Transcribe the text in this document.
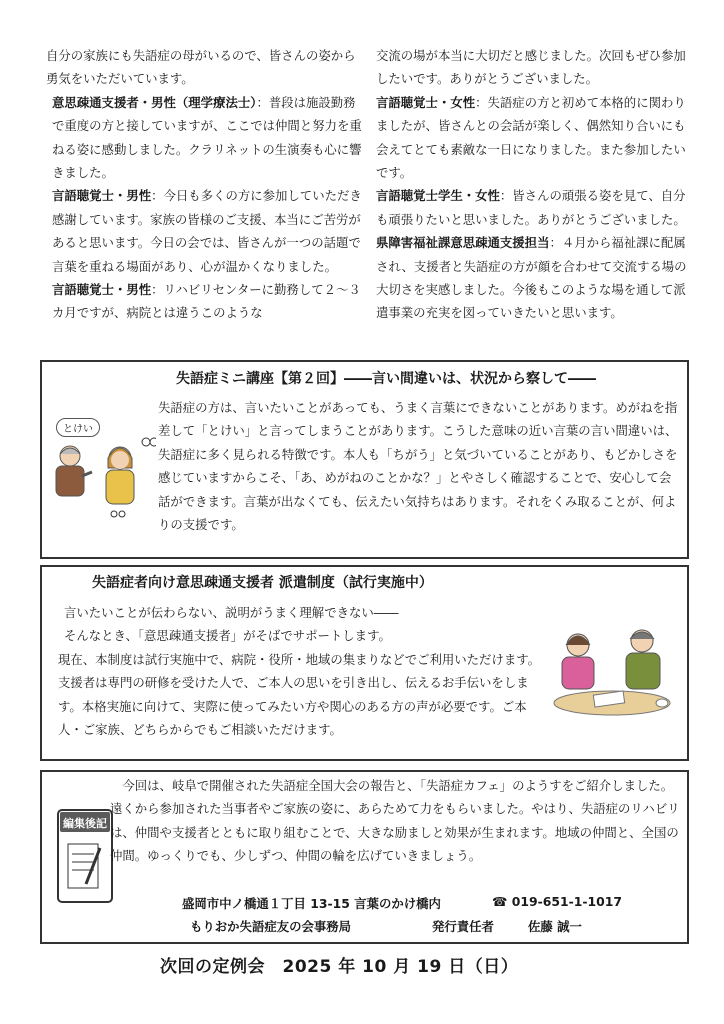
自分の家族にも失語症の母がいるので、皆さんの姿から勇気をいただいています。

意思疎通支援者・男性（理学療法士）：普段は施設勤務で重度の方と接していますが、ここでは仲間と努力を重ねる姿に感動しました。クラリネットの生演奏も心に響きました。

言語聴覚士・男性：今日も多くの方に参加していただき感謝しています。家族の皆様のご支援、本当にご苦労があると思います。今日の会では、皆さんが一つの話題で言葉を重ねる場面があり、心が温かくなりました。

言語聴覚士・男性：リハビリセンターに勤務して２〜３カ月ですが、病院とは違うこのような

交流の場が本当に大切だと感じました。次回もぜひ参加したいです。ありがとうございました。

言語聴覚士・女性：失語症の方と初めて本格的に関わりましたが、皆さんとの会話が楽しく、偶然知り合いにも会えてとても素敵な一日になりました。また参加したいです。

言語聴覚士学生・女性：皆さんの頑張る姿を見て、自分も頑張りたいと思いました。ありがとうございました。

県障害福祉課意思疎通支援担当：４月から福祉課に配属され、支援者と失語症の方が顔を合わせて交流する場の大切さを実感しました。今後もこのような場を通して派遣事業の充実を図っていきたいと思います。

失語症ミニ講座【第２回】――言い間違いは、状況から察して――
とけい

失語症の方は、言いたいことがあっても、うまく言葉にできないことがあります。めがねを指差して「とけい」と言ってしまうことがあります。こうした意味の近い言葉の言い間違いは、失語症に多く見られる特徴です。本人も「ちがう」と気づいていることがあり、もどかしさを感じていますからこそ、「あ、めがねのことかな？」とやさしく確認することで、安心して会話ができます。言葉が出なくても、伝えたい気持ちはあります。それをくみ取ることが、何よりの支援です。

失語症者向け意思疎通支援者 派遣制度（試行実施中）

言いたいことが伝わらない、説明がうまく理解できない――

そんなとき、「意思疎通支援者」がそばでサポートします。

現在、本制度は試行実施中で、病院・役所・地域の集まりなどでご利用いただけます。支援者は専門の研修を受けた人で、ご本人の思いを引き出し、伝えるお手伝いをします。本格実施に向けて、実際に使ってみたい方や関心のある方の声が必要です。ご本人・ご家族、どちらからでもご相談いただけます。

編集後記

今回は、岐阜で開催された失語症全国大会の報告と、「失語症カフェ」のようすをご紹介しました。遠くから参加された当事者やご家族の姿に、あらためて力をもらいました。やはり、失語症のリハビリは、仲間や支援者とともに取り組むことで、大きな励ましと効果が生まれます。地域の仲間と、全国の仲間。ゆっくりでも、少しずつ、仲間の輪を広げていきましょう。

盛岡市中ノ橋通１丁目 13-15 言葉のかけ橋内	☎ 019-651-1-1017
もりおか失語症友の会事務局	発行責任者	佐藤 誠一
次回の定例会　2025 年 10 月 19 日（日）
